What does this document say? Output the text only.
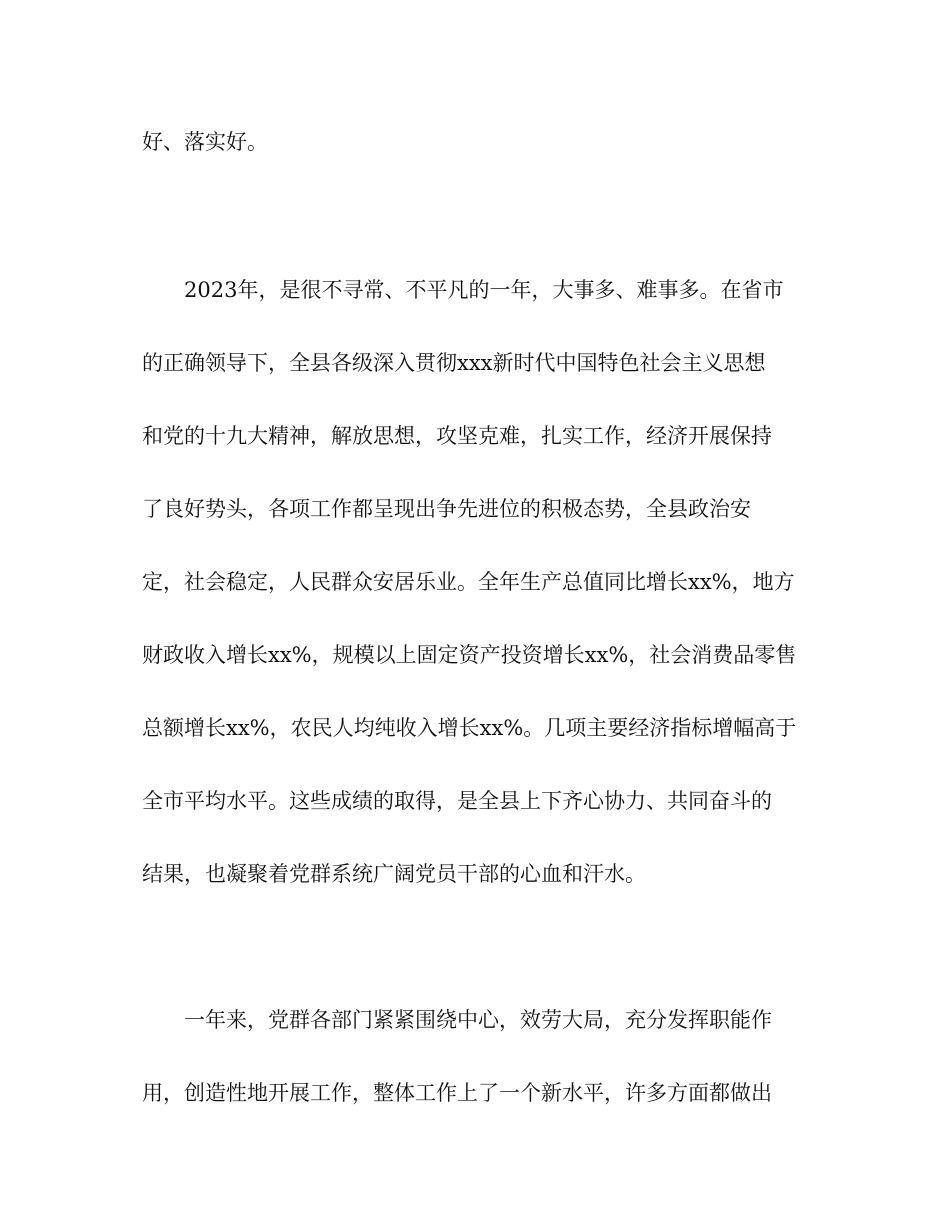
好、落实好。

2023年，是很不寻常、不平凡的一年，大事多、难事多。在省市

的正确领导下，全县各级深入贯彻xxx新时代中国特色社会主义思想

和党的十九大精神，解放思想，攻坚克难，扎实工作，经济开展保持

了良好势头，各项工作都呈现出争先进位的积极态势，全县政治安

定，社会稳定，人民群众安居乐业。全年生产总值同比增长xx%，地方

财政收入增长xx%，规模以上固定资产投资增长xx%，社会消费品零售

总额增长xx%，农民人均纯收入增长xx%。几项主要经济指标增幅高于

全市平均水平。这些成绩的取得，是全县上下齐心协力、共同奋斗的

结果，也凝聚着党群系统广阔党员干部的心血和汗水。

一年来，党群各部门紧紧围绕中心，效劳大局，充分发挥职能作

用，创造性地开展工作，整体工作上了一个新水平，许多方面都做出
